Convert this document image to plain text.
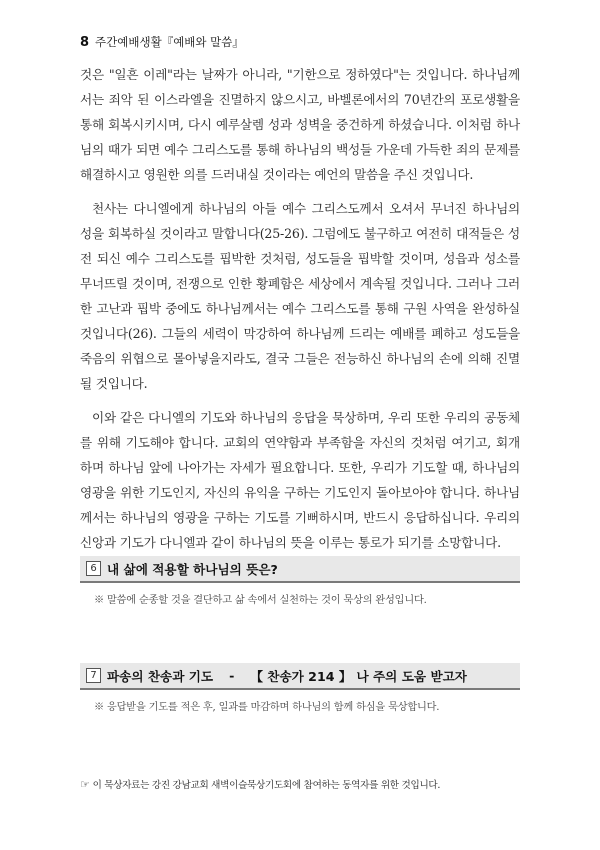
8 주간예배생활『예배와 말씀』

것은 "일흔 이레"라는 날짜가 아니라, "기한으로 정하였다"는 것입니다. 하나님께서는 죄악 된 이스라엘을 진멸하지 않으시고, 바벨론에서의 70년간의 포로생활을 통해 회복시키시며, 다시 예루살렘 성과 성벽을 중건하게 하셨습니다. 이처럼 하나님의 때가 되면 예수 그리스도를 통해 하나님의 백성들 가운데 가득한 죄의 문제를 해결하시고 영원한 의를 드러내실 것이라는 예언의 말씀을 주신 것입니다.

천사는 다니엘에게 하나님의 아들 예수 그리스도께서 오셔서 무너진 하나님의 성을 회복하실 것이라고 말합니다(25-26). 그럼에도 불구하고 여전히 대적들은 성전 되신 예수 그리스도를 핍박한 것처럼, 성도들을 핍박할 것이며, 성읍과 성소를 무너뜨릴 것이며, 전쟁으로 인한 황폐함은 세상에서 계속될 것입니다. 그러나 그러한 고난과 핍박 중에도 하나님께서는 예수 그리스도를 통해 구원 사역을 완성하실 것입니다(26). 그들의 세력이 막강하여 하나님께 드리는 예배를 폐하고 성도들을 죽음의 위협으로 몰아넣을지라도, 결국 그들은 전능하신 하나님의 손에 의해 진멸될 것입니다.

이와 같은 다니엘의 기도와 하나님의 응답을 묵상하며, 우리 또한 우리의 공동체를 위해 기도해야 합니다. 교회의 연약함과 부족함을 자신의 것처럼 여기고, 회개하며 하나님 앞에 나아가는 자세가 필요합니다. 또한, 우리가 기도할 때, 하나님의 영광을 위한 기도인지, 자신의 유익을 구하는 기도인지 돌아보아야 합니다. 하나님께서는 하나님의 영광을 구하는 기도를 기뻐하시며, 반드시 응답하십니다. 우리의 신앙과 기도가 다니엘과 같이 하나님의 뜻을 이루는 통로가 되기를 소망합니다.

6 내 삶에 적용할 하나님의 뜻은?
※ 말씀에 순종할 것을 결단하고 삶 속에서 실천하는 것이 묵상의 완성입니다.
7 파송의 찬송과 기도 - 【 찬송가 214 】 나 주의 도움 받고자
※ 응답받을 기도를 적은 후, 일과를 마감하며 하나님의 함께 하심을 묵상합니다.
☞ 이 묵상자료는 강진 강남교회 새벽이슬묵상기도회에 참여하는 동역자를 위한 것입니다.
